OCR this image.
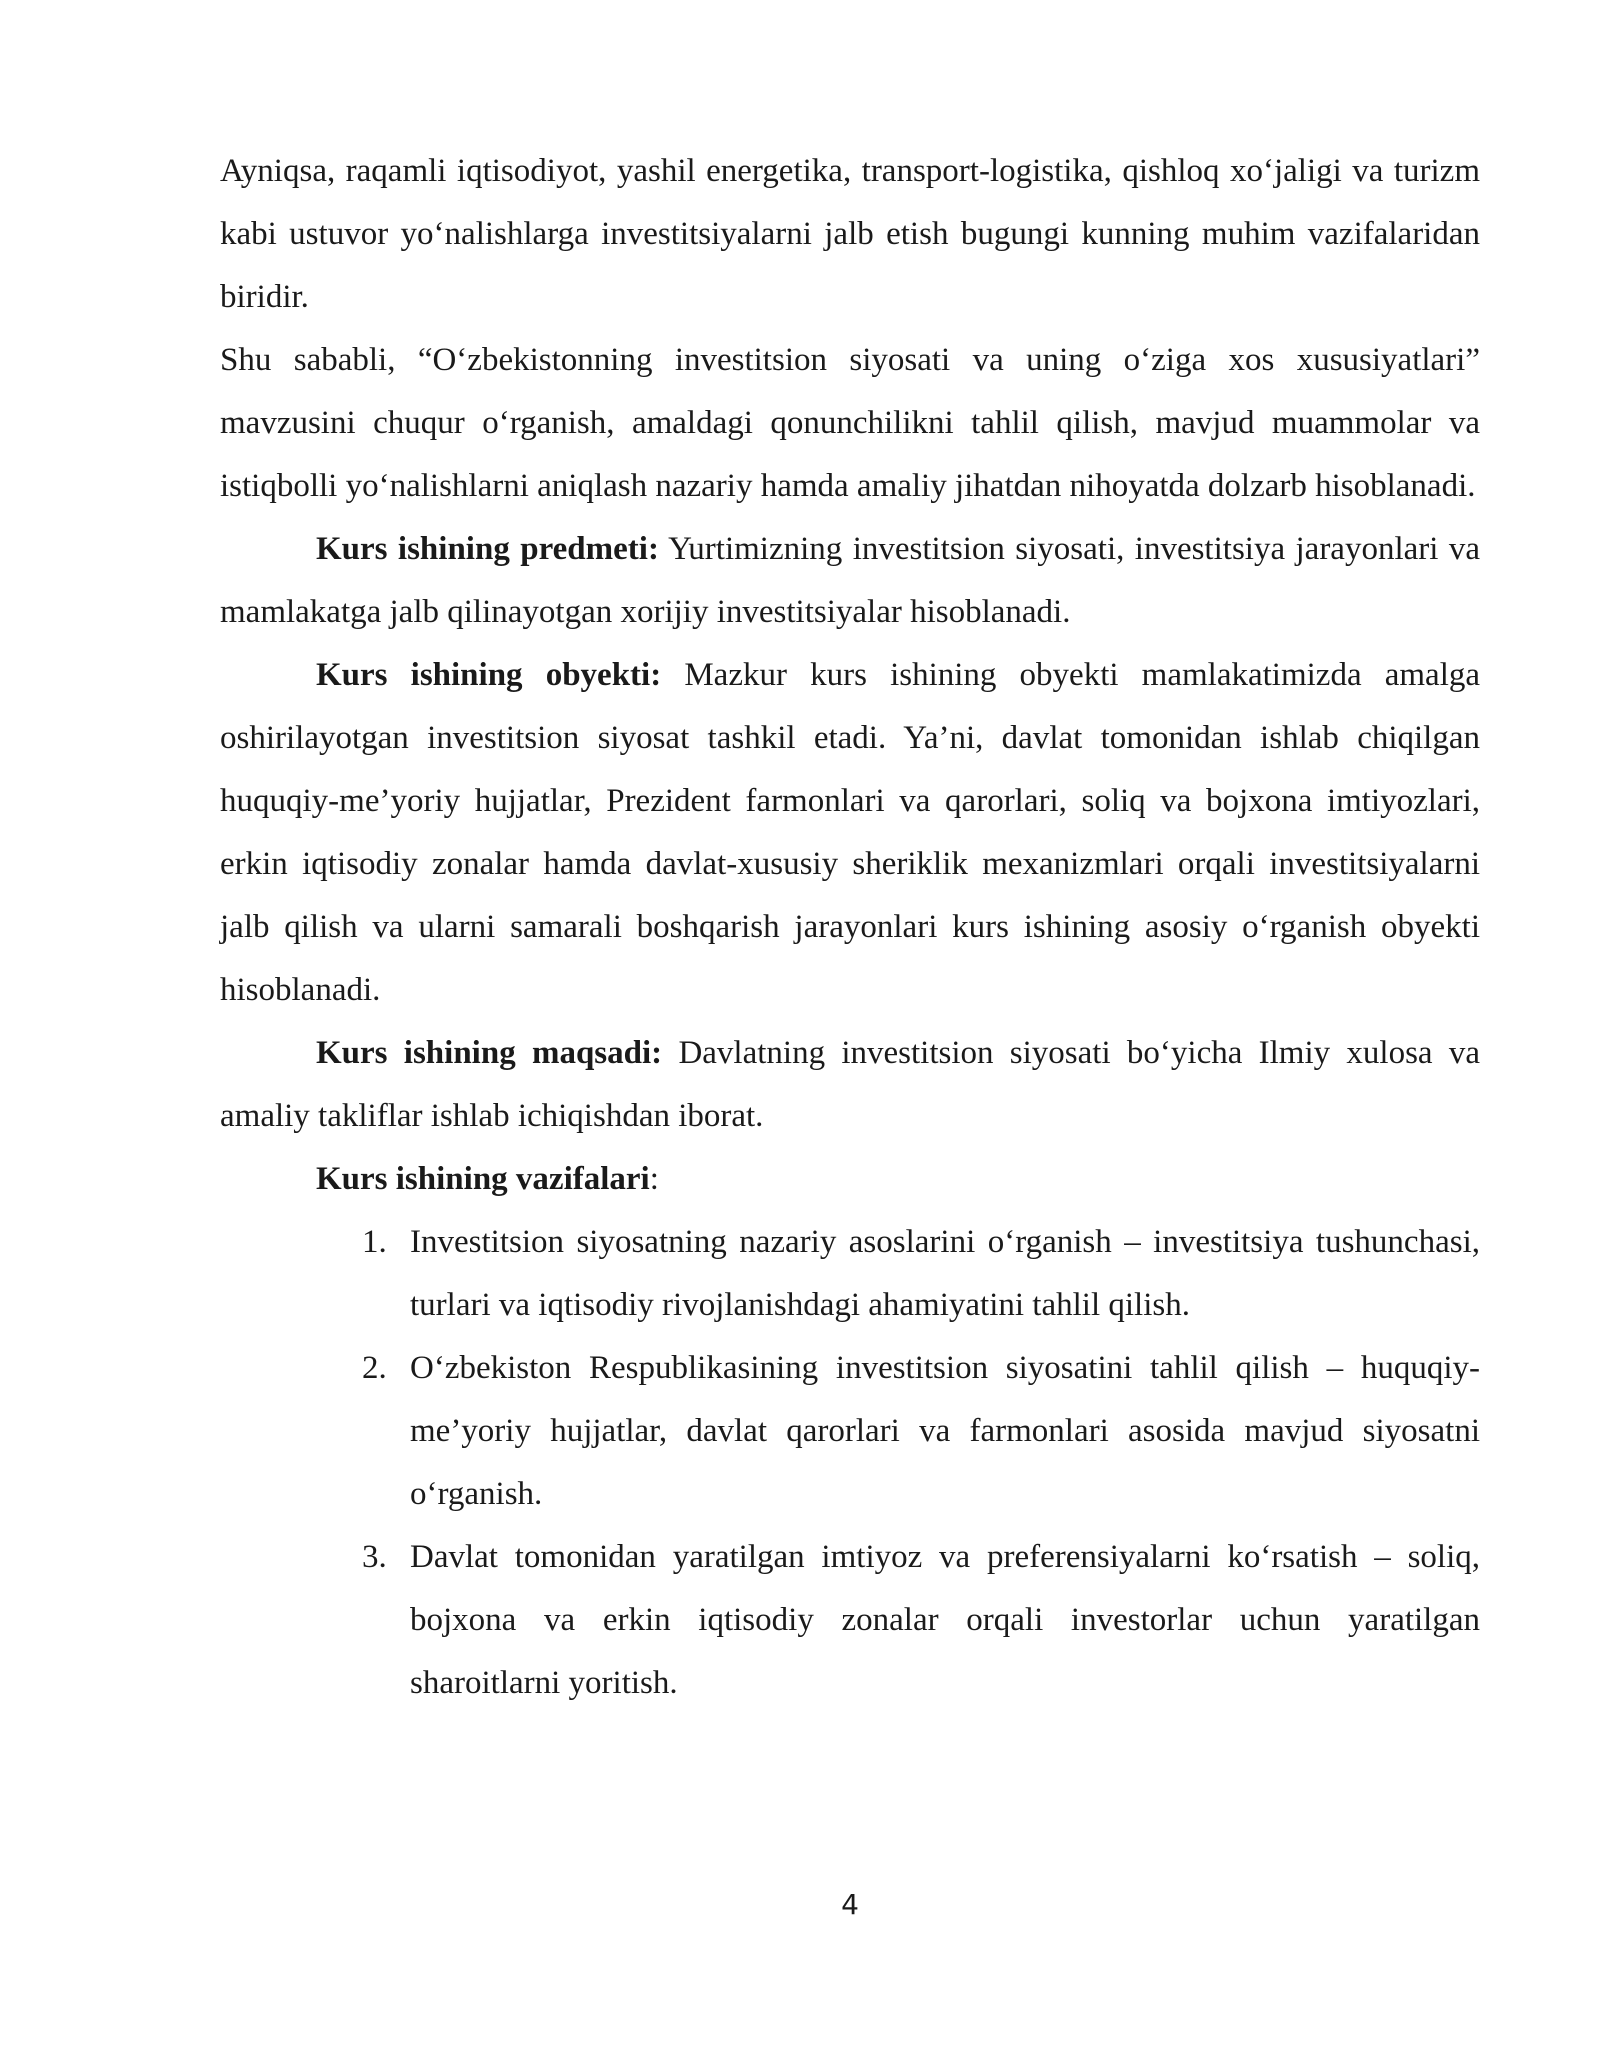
Ayniqsa, raqamli iqtisodiyot, yashil energetika, transport-logistika, qishloq xo‘jaligi va turizm kabi ustuvor yo‘nalishlarga investitsiyalarni jalb etish bugungi kunning muhim vazifalaridan biridir.

Shu sababli, “O‘zbekistonning investitsion siyosati va uning o‘ziga xos xususiyatlari” mavzusini chuqur o‘rganish, amaldagi qonunchilikni tahlil qilish, mavjud muammolar va istiqbolli yo‘nalishlarni aniqlash nazariy hamda amaliy jihatdan nihoyatda dolzarb hisoblanadi.

Kurs ishining predmeti: Yurtimizning investitsion siyosati, investitsiya jarayonlari va mamlakatga jalb qilinayotgan xorijiy investitsiyalar hisoblanadi.

Kurs ishining obyekti: Mazkur kurs ishining obyekti mamlakatimizda amalga oshirilayotgan investitsion siyosat tashkil etadi. Ya’ni, davlat tomonidan ishlab chiqilgan huquqiy-me’yoriy hujjatlar, Prezident farmonlari va qarorlari, soliq va bojxona imtiyozlari, erkin iqtisodiy zonalar hamda davlat-xususiy sheriklik mexanizmlari orqali investitsiyalarni jalb qilish va ularni samarali boshqarish jarayonlari kurs ishining asosiy o‘rganish obyekti hisoblanadi.

Kurs ishining maqsadi: Davlatning investitsion siyosati bo‘yicha Ilmiy xulosa va amaliy takliflar ishlab ichiqishdan iborat.

Kurs ishining vazifalari:

1. Investitsion siyosatning nazariy asoslarini o‘rganish – investitsiya tushunchasi, turlari va iqtisodiy rivojlanishdagi ahamiyatini tahlil qilish.
2. O‘zbekiston Respublikasining investitsion siyosatini tahlil qilish – huquqiy-me’yoriy hujjatlar, davlat qarorlari va farmonlari asosida mavjud siyosatni o‘rganish.
3. Davlat tomonidan yaratilgan imtiyoz va preferensiyalarni ko‘rsatish – soliq, bojxona va erkin iqtisodiy zonalar orqali investorlar uchun yaratilgan sharoitlarni yoritish.
4
